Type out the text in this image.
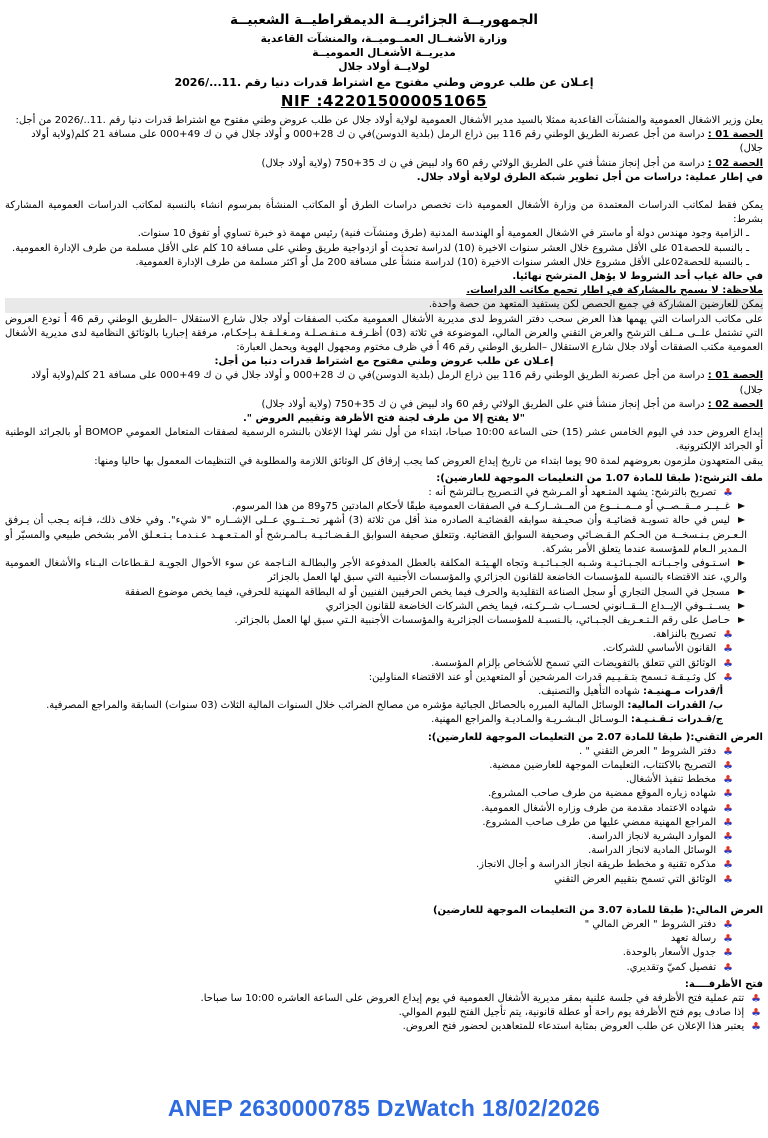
الجمهوريــة الجزائريــة الديمقراطيــة الشعبيــة
وزارة الأشغــال العمــوميــة، والمنشآت القاعدية
مديريــة الأشغـال العموميــة
لولايــة أولاد جلال
إعـلان عن طلب عروض وطني مفتوح مع اشتراط قدرات دنيا رقم .11.../2026
NIF :422015000051065
يعلن وزير الاشغال العمومية والمنشآت القاعدية ممثلا بالسيد مدير الأشغال العمومية لولاية أولاد جلال عن طلب عروض وطني مفتوح مع اشتراط قدرات دنيا رقم .11../2026 من أجل:
الحصة 01 : دراسة من أجل عصرنة الطريق الوطني رقم 116 بين ذراع الرمل (بلدية الدوسن)في ن ك 28+000 و أولاد جلال في ن ك 49+000 على مسافة 21 كلم(ولاية أولاد جلال)
الحصة 02 : دراسة من أجل إنجاز منشأ فني على الطريق الولائي رقم 60 واد لبيض في ن ك 35+750 (ولاية أولاد جلال)
في إطار عملية: دراسات من أجل تطوير شبكة الطرق لولاية أولاد جلال.
يمكن فقط لمكاتب الدراسات المعتمدة من وزارة الأشغال العمومية ذات تخصص دراسات الطرق أو المكاتب المنشأة بمرسوم انشاء بالنسبة لمكاتب الدراسات العمومية المشاركة بشرط:
ـ الزامية وجود مهندس دولة أو ماستر في الاشغال العمومية أو الهندسة المدنية (طرق ومنشآت فنية) رئيس مهمة ذو خبرة تساوي أو تفوق 10 سنوات.
ـ بالنسبة للحصة01 على الأقل مشروع خلال العشر سنوات الاخيرة (10) لدراسة تحديث أو ازدواجية طريق وطني على مسافة 10 كلم على الأقل مسلمة من طرف الإدارة العمومية.
ـ بالنسبة للحصة02على الأقل مشروع خلال العشر سنوات الاخيرة (10) لدراسة منشأ على مسافة 200 مل أو اكثر مسلمة من طرف الإدارة العمومية.
في حالة غياب أحد الشروط لا يؤهل المترشح نهائيا.
ملاحظة: لا يسمح بالمشاركة في اطار تجمع مكاتب الدراسات.
يمكن للعارضين المشاركة في جميع الحصص لكن يستفيد المتعهد من حصة واحدة.
على مكاتب الدراسات التي يهمها هذا العرض سحب دفتر الشروط لدى مديرية الأشغال العمومية مكتب الصفقات أولاد جلال شارع الاستقلال –الطريق الوطني رقم 46 أ تودع العروض التي تشتمل علــى مــلف الترشح والعرض التقني والعرض المالي، الموضوعة في ثلاثة (03) أظـرفـة مـنفـصـلـة ومـغـلـقـة بـإحكـام، مرفقة إجباريا بالوثائق النظامية لدى مديرية الأشغال العمومية مكتب الصفقات أولاد جلال شارع الاستقلال –الطريق الوطني رقم 46 أ في ظرف مختوم ومجهول الهوية ويحمل العبارة:
إعـلان عن طلب عروض وطني مفتوح مع اشتراط قدرات دنيا من أجل:
الحصة 01 : دراسة من أجل عصرنة الطريق الوطني رقم 116 بين ذراع الرمل (بلدية الدوسن)في ن ك 28+000 و أولاد جلال في ن ك 49+000 على مسافة 21 كلم(ولاية أولاد جلال)
الحصة 02 : دراسة من أجل إنجاز منشأ فني على الطريق الولائي رقم 60 واد لبيض في ن ك 35+750 (ولاية أولاد جلال)
"لا يفتح إلا من طرف لجنة فتح الأظرفة وتقييم العروض ".
إيداع العروض حدد في اليوم الخامس عشر (15) حتى الساعة 10:00 صباحا، ابتداء من أول نشر لهذا الإعلان بالنشره الرسمية لصفقات المتعامل العمومي BOMOP أو بالجرائد الوطنية أو الجرائد الإلكترونية.
يبقى المتعهدون ملزمون بعروضهم لمدة 90 يوما ابتداء من تاريخ إيداع العروض كما يجب إرفاق كل الوثائق اللازمة والمطلوبة في التنظيمات المعمول بها حاليا ومنها:
ملف الترشح:( طبقا للمادة 1.07 من التعليمات الموجهة للعارضين):
♣تصريح بالترشح: يشهد المتـعهد أو المـرشح في التـصريح بـالترشح أنه :
غــيــر مــقــصــي أو مــمــنــوع من المــشــاركــة في الصفقات العمومية طبقًا لأحكام المادتين 75و89 من هذا المرسوم.
ليس في حالة تسويـة قضائيـة وأن صحيـفة سوابقه القضائيـة الصادره منذ أقل من ثلاثة (3) أشهر تحــتــوي عــلى الإشــاره "لا شيء". وفي خلاف ذلك، فـإنه يـجب أن يـرفق الـعـرض بـنـسخــة من الحـكم الـقـضـائي وصحيفة السوابق القضائية. وتتعلق صحيفة السوابق الـقـضـائـيـة بـالمـرشح أو المـتـعـهـد عـنـدمـا يـتـعـلق الأمر بشخص طبيعي والمسيّر أو الـمدير الـعام للمؤسسة عندما يتعلق الأمر بشركة.
اسـتـوفى واجـبـاتـه الجـبـائـيـة وشـبه الجـبـائـيـة وتجاه الهـيئـة المكلفة بالعطل المدفوعة الأجر والبطالـة النـاجمة عن سوء الأحوال الجويـة لـقـطاعات البـناء والأشغال العمومية والري، عند الاقتضاء بالنسبة للمؤسسات الخاضعة للقانون الجزائري والمؤسسات الأجنبية التي سبق لها العمل بالجزائر
مسجل في السجل التجاري أو سجل الصناعة التقليدية والحرف فيما يخص الحرفيين الفنيين أو له البطاقة المهنية للحرفي، فيما يخص موضوع الصفقة
يســتــوفي الإيــداع الــقــانوني لحســاب شــركـته، فيما يخص الشركات الخاضعة للقانون الجزائري
حـاصل على رقم الـتـعـريف الجـبـائي، بالـنسبـة للمؤسسات الجزائرية والمؤسسات الأجنبية الـتي سبق لها العمل بالجزائر.
♣تصريح بالنزاهة.
♣القانون الأساسي للشركات.
♣الوثائق التي تتعلق بالتفويضات التي تسمح للأشخاص بإلزام المؤسسة.
♣كل وثـيـقـة تـسمح بتـقـيـيم قدرات المرشحين أو المتعهدين أو عند الاقتضاء المناولين:
أ/قدرات مـهنيـة: شهاده التأهيل والتصنيف.
ب/ القدرات المالية: الوسائل المالية المبرره بالحصائل الجبائية مؤشره من مصالح الضرائب خلال السنوات المالية الثلاث (03 سنوات) السابقة والمراجع المصرفية.
ج/قـدرات تـقـنـيـة: الـوسـائل البـشـريـة والمـاديـة والمراجع المهنية.
العرض التقني:( طبقا للمادة 2.07 من التعليمات الموجهة للعارضين):
♣دفتر الشروط " العرض التقني " .
♣التصريح بالاكتتاب، التعليمات الموجهة للعارضين ممضية.
♣مخطط تنفيذ الأشغال.
♣شهاده زياره الموقع ممضية من طرف صاحب المشروع.
♣شهاده الاعتماد مقدمة من طرف وزاره الأشغال العمومية.
♣المراجع المهنية ممضي عليها من طرف صاحب المشروع.
♣الموارد البشرية لانجاز الدراسة.
♣الوسائل المادية لانجاز الدراسة.
♣مذكره تقنية و مخطط طريقة انجاز الدراسة و أجال الانجاز.
♣الوثائق التي تسمح بتقييم العرض التقني
العرض المالي:( طبقا للمادة 3.07 من التعليمات الموجهة للعارضين)
♣دفتر الشروط " العرض المالي "
♣رسالة تعهد
♣جدول الأسعار بالوحدة.
♣تفصيل كميّ وتقديري.
فتح الأظرفــــة:
♣تتم عملية فتح الأظرفة في جلسة علنية بمقر مديرية الأشغال العمومية في يوم إيداع العروض على الساعة العاشره 10:00 سا صباحا.
♣إذا صادف يوم فتح الأظرفة يوم راحة أو عطلة قانونية، يتم تأجيل الفتح لليوم الموالي.
♣يعتبر هذا الإعلان عن طلب العروض بمثابة استدعاء للمتعاهدين لحضور فتح العروض.
ANEP 2630000785 DzWatch 18/02/2026
